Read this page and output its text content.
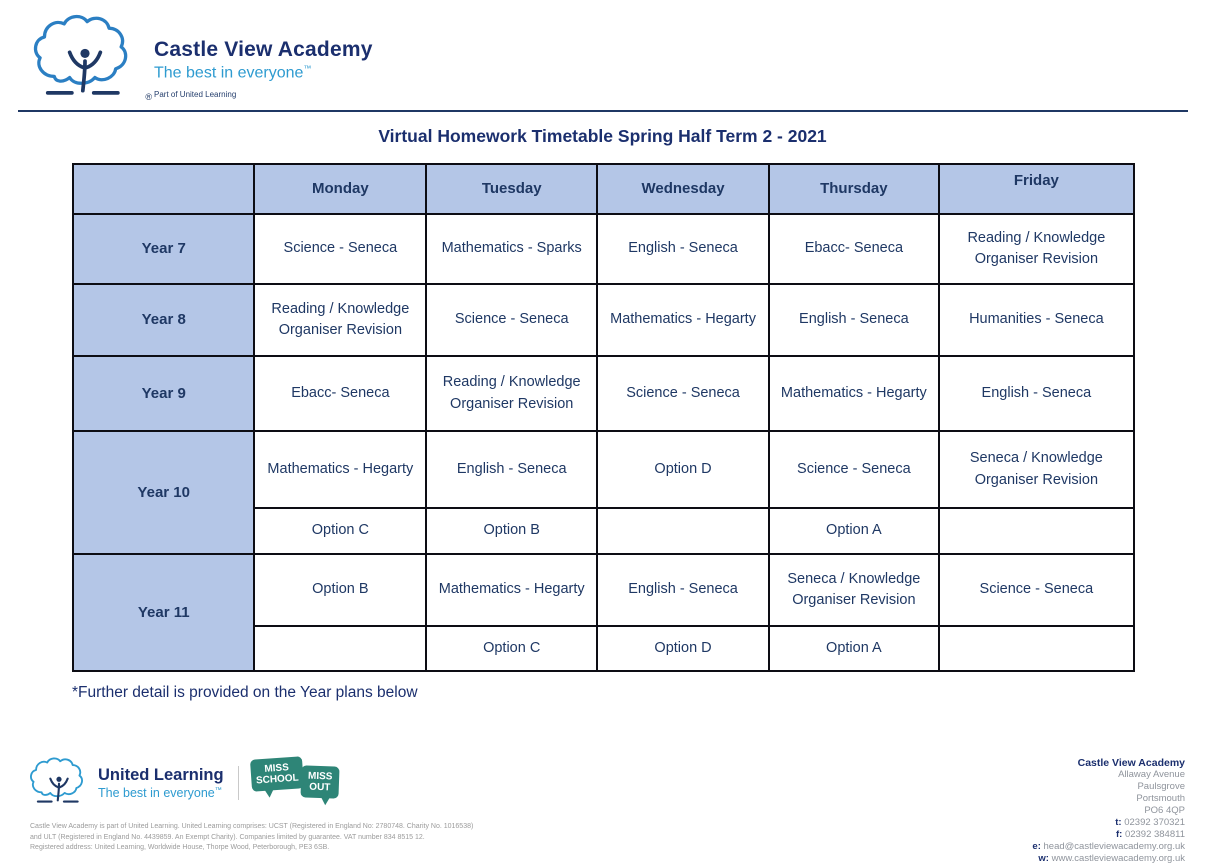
®
Castle View Academy
The best in everyone™
Part of United Learning
Virtual Homework Timetable Spring Half Term 2 - 2021
	Monday	Tuesday	Wednesday	Thursday	Friday
Year 7	Science - Seneca	Mathematics - Sparks	English - Seneca	Ebacc- Seneca	Reading / Knowledge Organiser Revision
Year 8	Reading / Knowledge Organiser Revision	Science - Seneca	Mathematics - Hegarty	English - Seneca	Humanities - Seneca
Year 9	Ebacc- Seneca	Reading / Knowledge Organiser Revision	Science - Seneca	Mathematics - Hegarty	English - Seneca
Year 10	Mathematics - Hegarty	English - Seneca	Option D	Science - Seneca	Seneca / Knowledge Organiser Revision
	Option C	Option B		Option A	
Year 11	Option B	Mathematics - Hegarty	English - Seneca	Seneca / Knowledge Organiser Revision	Science - Seneca
		Option C	Option D	Option A	

*Further detail is provided on the Year plans below

United Learning
The best in everyone™
MISS
SCHOOL MISS
OUT
Castle View Academy is part of United Learning. United Learning comprises: UCST (Registered in England No: 2780748. Charity No. 1016538)
and ULT (Registered in England No. 4439859. An Exempt Charity). Companies limited by guarantee. VAT number 834 8515 12.
Registered address: United Learning, Worldwide House, Thorpe Wood, Peterborough, PE3 6SB.
Castle View Academy
Allaway Avenue
Paulsgrove
Portsmouth
PO6 4QP
t: 02392 370321
f: 02392 384811
e: head@castleviewacademy.org.uk
w: www.castleviewacademy.org.uk
